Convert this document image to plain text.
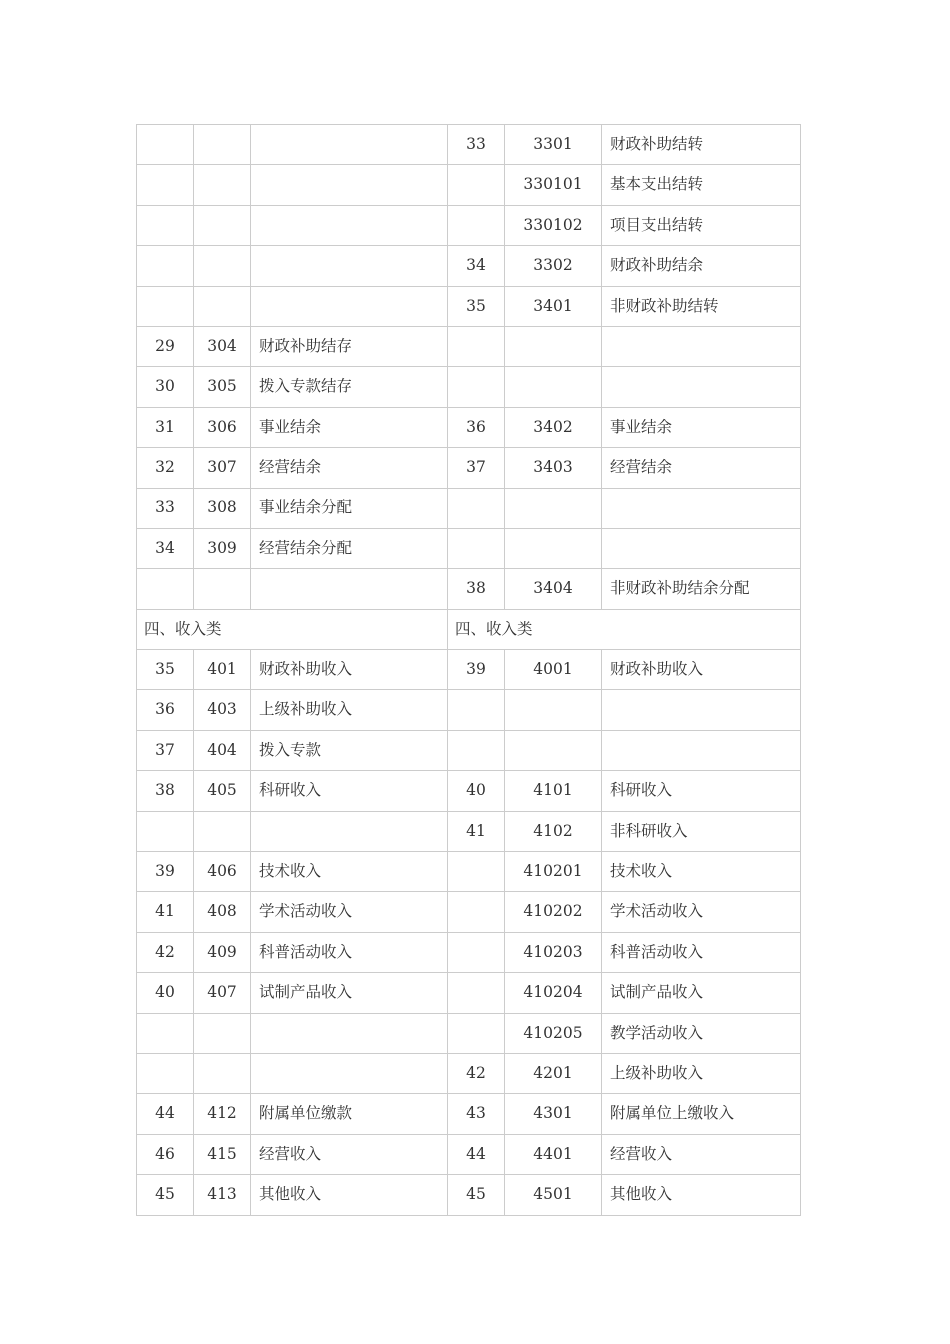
			33	3301	财政补助结转
				330101	基本支出结转
				330102	项目支出结转
			34	3302	财政补助结余
			35	3401	非财政补助结转
29	304	财政补助结存			
30	305	拨入专款结存			
31	306	事业结余	36	3402	事业结余
32	307	经营结余	37	3403	经营结余
33	308	事业结余分配			
34	309	经营结余分配			
			38	3404	非财政补助结余分配
四、收入类			四、收入类		
35	401	财政补助收入	39	4001	财政补助收入
36	403	上级补助收入			
37	404	拨入专款			
38	405	科研收入	40	4101	科研收入
			41	4102	非科研收入
39	406	技术收入		410201	技术收入
41	408	学术活动收入		410202	学术活动收入
42	409	科普活动收入		410203	科普活动收入
40	407	试制产品收入		410204	试制产品收入
				410205	教学活动收入
			42	4201	上级补助收入
44	412	附属单位缴款	43	4301	附属单位上缴收入
46	415	经营收入	44	4401	经营收入
45	413	其他收入	45	4501	其他收入
